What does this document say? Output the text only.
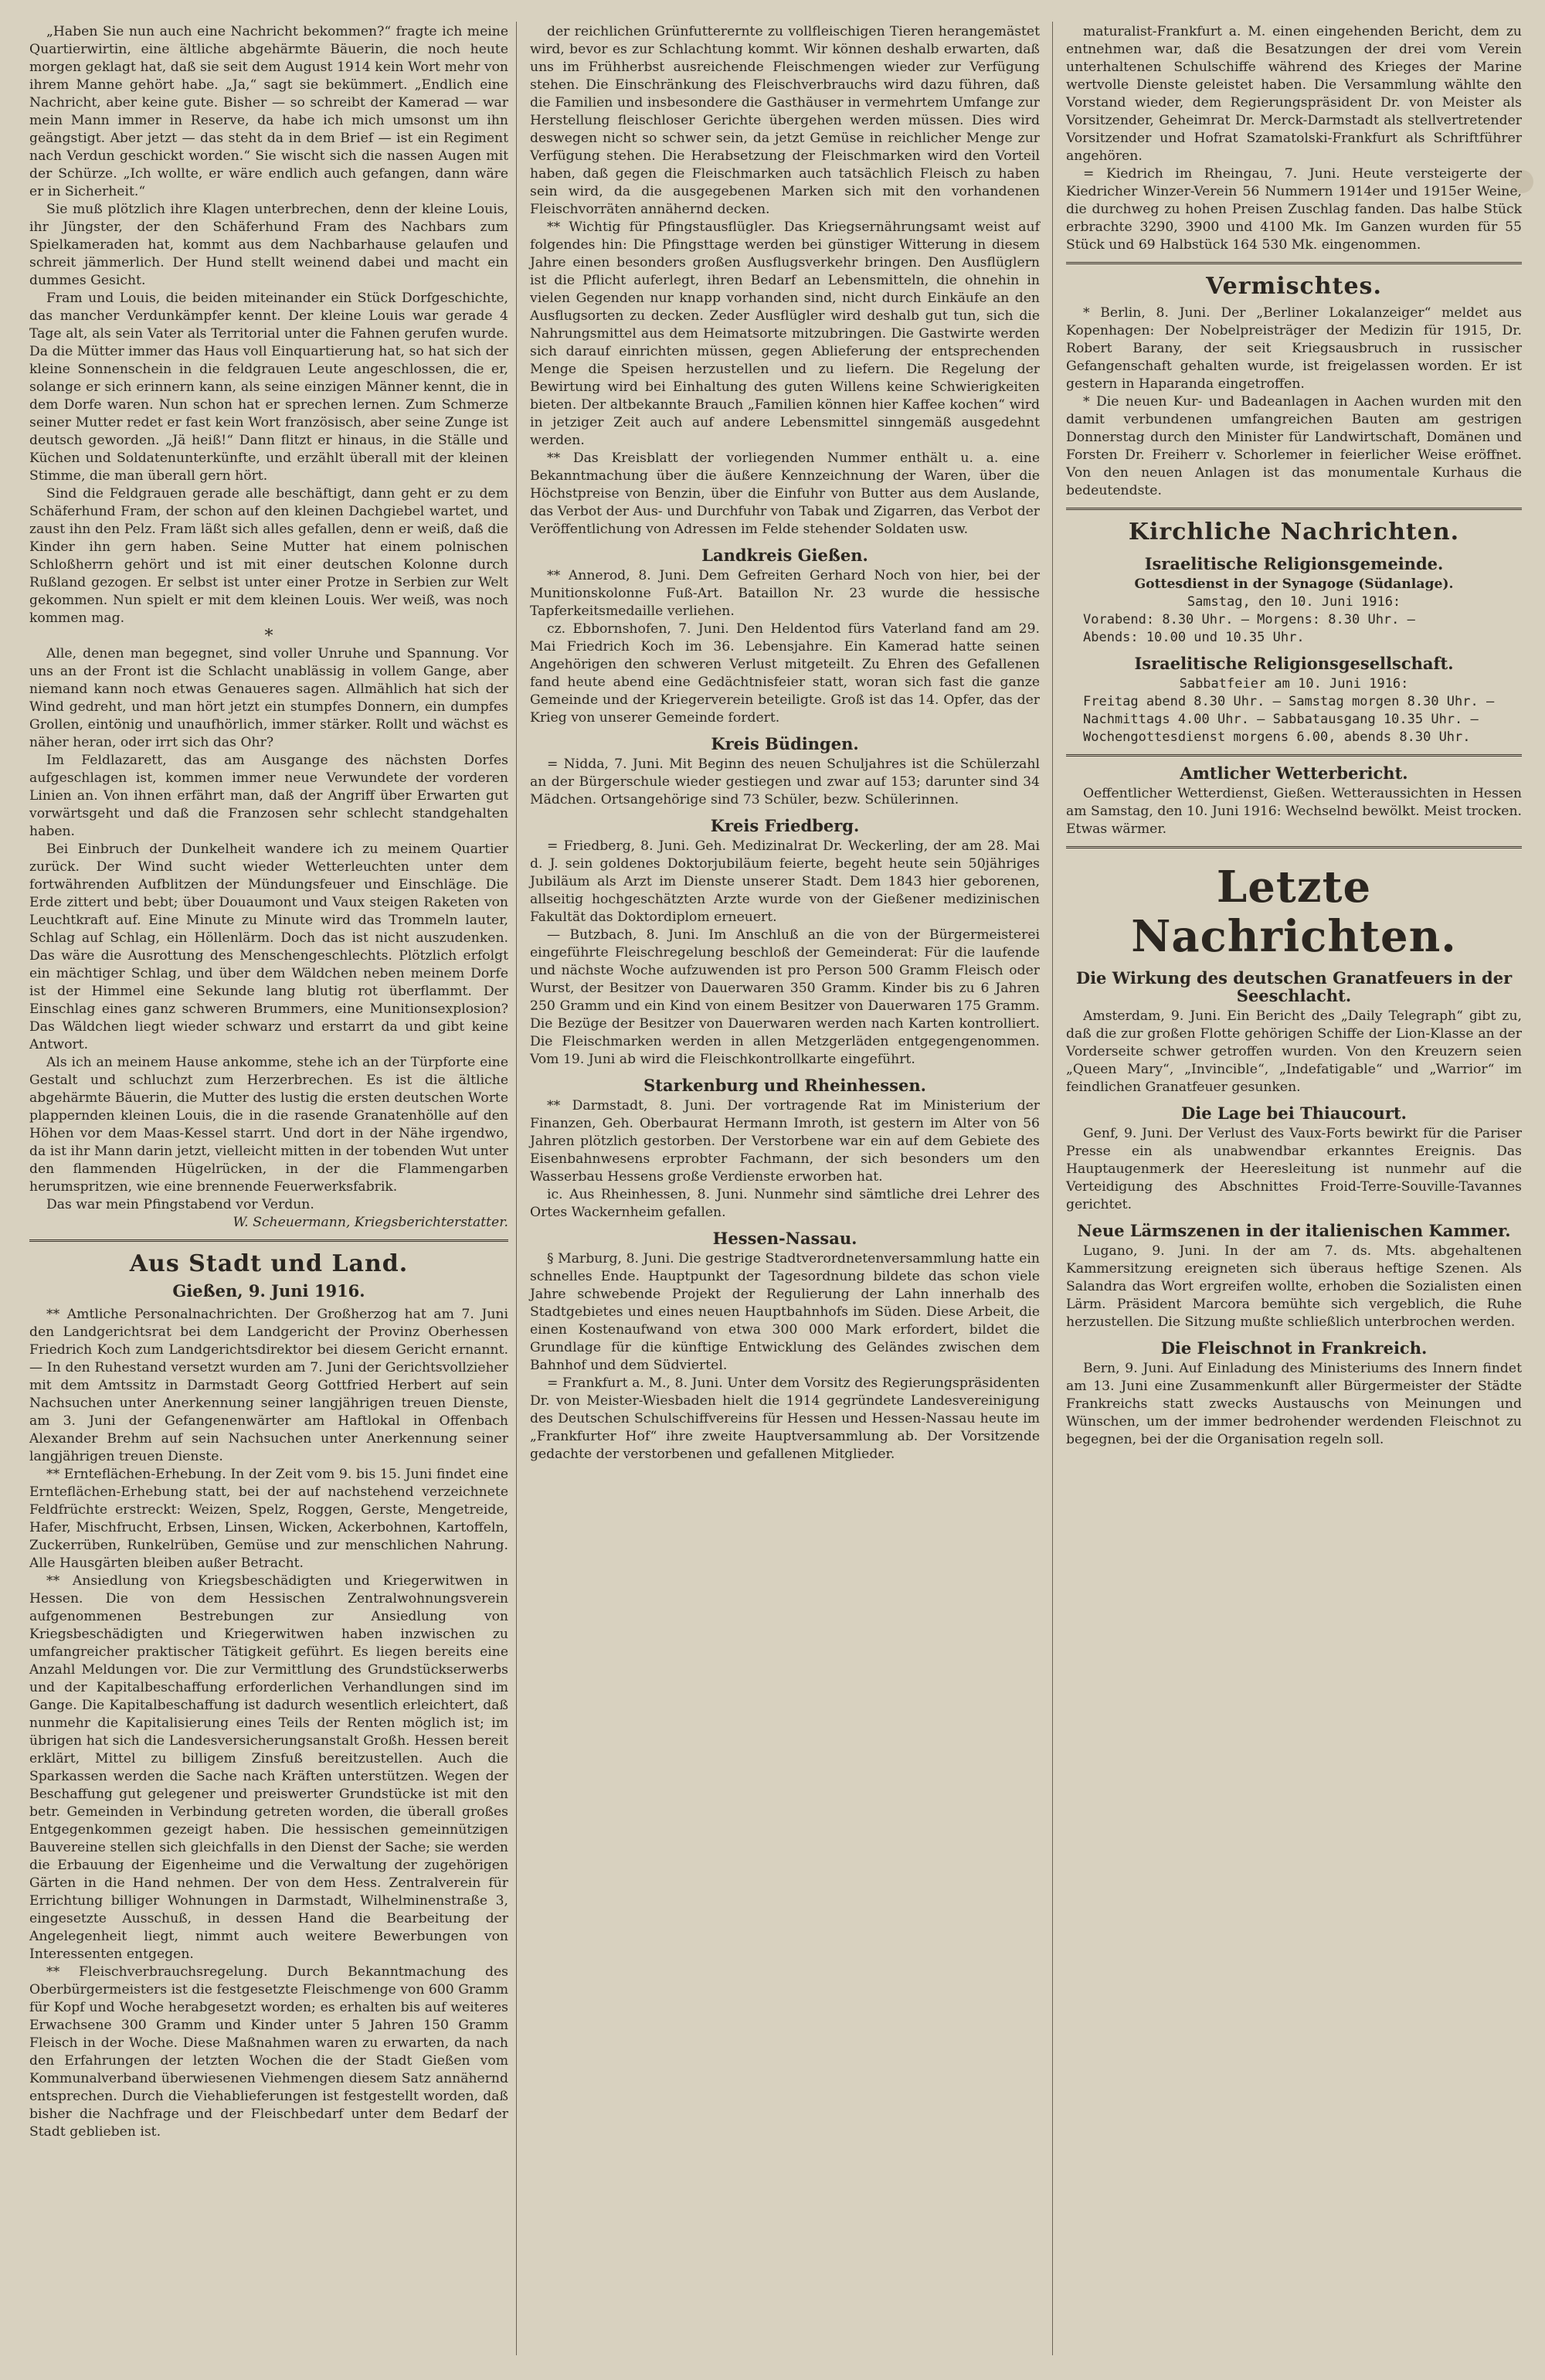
„Haben Sie nun auch eine Nachricht bekommen?“ fragte ich meine Quartierwirtin, eine ältliche abgehärmte Bäuerin, die noch heute morgen geklagt hat, daß sie seit dem August 1914 kein Wort mehr von ihrem Manne gehört habe. „Ja,“ sagt sie bekümmert. „Endlich eine Nachricht, aber keine gute. Bisher — so schreibt der Kamerad — war mein Mann immer in Reserve, da habe ich mich umsonst um ihn geängstigt. Aber jetzt — das steht da in dem Brief — ist ein Regiment nach Verdun geschickt worden.“ Sie wischt sich die nassen Augen mit der Schürze. „Ich wollte, er wäre endlich auch gefangen, dann wäre er in Sicherheit.“

Sie muß plötzlich ihre Klagen unterbrechen, denn der kleine Louis, ihr Jüngster, der den Schäferhund Fram des Nachbars zum Spielkameraden hat, kommt aus dem Nachbarhause gelaufen und schreit jämmerlich. Der Hund stellt weinend dabei und macht ein dummes Gesicht.

Fram und Louis, die beiden miteinander ein Stück Dorfgeschichte, das mancher Verdunkämpfer kennt. Der kleine Louis war gerade 4 Tage alt, als sein Vater als Territorial unter die Fahnen gerufen wurde. Da die Mütter immer das Haus voll Einquartierung hat, so hat sich der kleine Sonnenschein in die feldgrauen Leute angeschlossen, die er, solange er sich erinnern kann, als seine einzigen Männer kennt, die in dem Dorfe waren. Nun schon hat er sprechen lernen. Zum Schmerze seiner Mutter redet er fast kein Wort französisch, aber seine Zunge ist deutsch geworden. „Jä heiß!“ Dann flitzt er hinaus, in die Ställe und Küchen und Soldatenunterkünfte, und erzählt überall mit der kleinen Stimme, die man überall gern hört.

Sind die Feldgrauen gerade alle beschäftigt, dann geht er zu dem Schäferhund Fram, der schon auf den kleinen Dachgiebel wartet, und zaust ihn den Pelz. Fram läßt sich alles gefallen, denn er weiß, daß die Kinder ihn gern haben. Seine Mutter hat einem polnischen Schloßherrn gehört und ist mit einer deutschen Kolonne durch Rußland gezogen. Er selbst ist unter einer Protze in Serbien zur Welt gekommen. Nun spielt er mit dem kleinen Louis. Wer weiß, was noch kommen mag.

*

Alle, denen man begegnet, sind voller Unruhe und Spannung. Vor uns an der Front ist die Schlacht unablässig in vollem Gange, aber niemand kann noch etwas Genaueres sagen. Allmählich hat sich der Wind gedreht, und man hört jetzt ein stumpfes Donnern, ein dumpfes Grollen, eintönig und unaufhörlich, immer stärker. Rollt und wächst es näher heran, oder irrt sich das Ohr?

Im Feldlazarett, das am Ausgange des nächsten Dorfes aufgeschlagen ist, kommen immer neue Verwundete der vorderen Linien an. Von ihnen erfährt man, daß der Angriff über Erwarten gut vorwärtsgeht und daß die Franzosen sehr schlecht standgehalten haben.

Bei Einbruch der Dunkelheit wandere ich zu meinem Quartier zurück. Der Wind sucht wieder Wetterleuchten unter dem fortwährenden Aufblitzen der Mündungsfeuer und Einschläge. Die Erde zittert und bebt; über Douaumont und Vaux steigen Raketen von Leuchtkraft auf. Eine Minute zu Minute wird das Trommeln lauter, Schlag auf Schlag, ein Höllenlärm. Doch das ist nicht auszudenken. Das wäre die Ausrottung des Menschengeschlechts. Plötzlich erfolgt ein mächtiger Schlag, und über dem Wäldchen neben meinem Dorfe ist der Himmel eine Sekunde lang blutig rot überflammt. Der Einschlag eines ganz schweren Brummers, eine Munitionsexplosion? Das Wäldchen liegt wieder schwarz und erstarrt da und gibt keine Antwort.

Als ich an meinem Hause ankomme, stehe ich an der Türpforte eine Gestalt und schluchzt zum Herzerbrechen. Es ist die ältliche abgehärmte Bäuerin, die Mutter des lustig die ersten deutschen Worte plappernden kleinen Louis, die in die rasende Granatenhölle auf den Höhen vor dem Maas-Kessel starrt. Und dort in der Nähe irgendwo, da ist ihr Mann darin jetzt, vielleicht mitten in der tobenden Wut unter den flammenden Hügelrücken, in der die Flammengarben herumspritzen, wie eine brennende Feuerwerksfabrik.

Das war mein Pfingstabend vor Verdun.

W. Scheuermann, Kriegsberichterstatter.

Aus Stadt und Land.
Gießen, 9. Juni 1916.

** Amtliche Personalnachrichten. Der Großherzog hat am 7. Juni den Landgerichtsrat bei dem Landgericht der Provinz Oberhessen Friedrich Koch zum Landgerichtsdirektor bei diesem Gericht ernannt. — In den Ruhestand versetzt wurden am 7. Juni der Gerichtsvollzieher mit dem Amtssitz in Darmstadt Georg Gottfried Herbert auf sein Nachsuchen unter Anerkennung seiner langjährigen treuen Dienste, am 3. Juni der Gefangenenwärter am Haftlokal in Offenbach Alexander Brehm auf sein Nachsuchen unter Anerkennung seiner langjährigen treuen Dienste.

** Ernteflächen-Erhebung. In der Zeit vom 9. bis 15. Juni findet eine Ernteflächen-Erhebung statt, bei der auf nachstehend verzeichnete Feldfrüchte erstreckt: Weizen, Spelz, Roggen, Gerste, Mengetreide, Hafer, Mischfrucht, Erbsen, Linsen, Wicken, Ackerbohnen, Kartoffeln, Zuckerrüben, Runkelrüben, Gemüse und zur menschlichen Nahrung. Alle Hausgärten bleiben außer Betracht.

** Ansiedlung von Kriegsbeschädigten und Kriegerwitwen in Hessen. Die von dem Hessischen Zentralwohnungsverein aufgenommenen Bestrebungen zur Ansiedlung von Kriegsbeschädigten und Kriegerwitwen haben inzwischen zu umfangreicher praktischer Tätigkeit geführt. Es liegen bereits eine Anzahl Meldungen vor. Die zur Vermittlung des Grundstückserwerbs und der Kapitalbeschaffung erforderlichen Verhandlungen sind im Gange. Die Kapitalbeschaffung ist dadurch wesentlich erleichtert, daß nunmehr die Kapitalisierung eines Teils der Renten möglich ist; im übrigen hat sich die Landesversicherungsanstalt Großh. Hessen bereit erklärt, Mittel zu billigem Zinsfuß bereitzustellen. Auch die Sparkassen werden die Sache nach Kräften unterstützen. Wegen der Beschaffung gut gelegener und preiswerter Grundstücke ist mit den betr. Gemeinden in Verbindung getreten worden, die überall großes Entgegenkommen gezeigt haben. Die hessischen gemeinnützigen Bauvereine stellen sich gleichfalls in den Dienst der Sache; sie werden die Erbauung der Eigenheime und die Verwaltung der zugehörigen Gärten in die Hand nehmen. Der von dem Hess. Zentralverein für Errichtung billiger Wohnungen in Darmstadt, Wilhelminenstraße 3, eingesetzte Ausschuß, in dessen Hand die Bearbeitung der Angelegenheit liegt, nimmt auch weitere Bewerbungen von Interessenten entgegen.

** Fleischverbrauchsregelung. Durch Bekanntmachung des Oberbürgermeisters ist die festgesetzte Fleischmenge von 600 Gramm für Kopf und Woche herabgesetzt worden; es erhalten bis auf weiteres Erwachsene 300 Gramm und Kinder unter 5 Jahren 150 Gramm Fleisch in der Woche. Diese Maßnahmen waren zu erwarten, da nach den Erfahrungen der letzten Wochen die der Stadt Gießen vom Kommunalverband überwiesenen Viehmengen diesem Satz annähernd entsprechen. Durch die Viehablieferungen ist festgestellt worden, daß bisher die Nachfrage und der Fleischbedarf unter dem Bedarf der Stadt geblieben ist.

der reichlichen Grünfutterernte zu vollfleischigen Tieren herangemästet wird, bevor es zur Schlachtung kommt. Wir können deshalb erwarten, daß uns im Frühherbst ausreichende Fleischmengen wieder zur Verfügung stehen. Die Einschränkung des Fleischverbrauchs wird dazu führen, daß die Familien und insbesondere die Gasthäuser in vermehrtem Umfange zur Herstellung fleischloser Gerichte übergehen werden müssen. Dies wird deswegen nicht so schwer sein, da jetzt Gemüse in reichlicher Menge zur Verfügung stehen. Die Herabsetzung der Fleischmarken wird den Vorteil haben, daß gegen die Fleischmarken auch tatsächlich Fleisch zu haben sein wird, da die ausgegebenen Marken sich mit den vorhandenen Fleischvorräten annähernd decken.

** Wichtig für Pfingstausflügler. Das Kriegsernährungsamt weist auf folgendes hin: Die Pfingsttage werden bei günstiger Witterung in diesem Jahre einen besonders großen Ausflugsverkehr bringen. Den Ausflüglern ist die Pflicht auferlegt, ihren Bedarf an Lebensmitteln, die ohnehin in vielen Gegenden nur knapp vorhanden sind, nicht durch Einkäufe an den Ausflugsorten zu decken. Zeder Ausflügler wird deshalb gut tun, sich die Nahrungsmittel aus dem Heimatsorte mitzubringen. Die Gastwirte werden sich darauf einrichten müssen, gegen Ablieferung der entsprechenden Menge die Speisen herzustellen und zu liefern. Die Regelung der Bewirtung wird bei Einhaltung des guten Willens keine Schwierigkeiten bieten. Der altbekannte Brauch „Familien können hier Kaffee kochen“ wird in jetziger Zeit auch auf andere Lebensmittel sinngemäß ausgedehnt werden.

** Das Kreisblatt der vorliegenden Nummer enthält u. a. eine Bekanntmachung über die äußere Kennzeichnung der Waren, über die Höchstpreise von Benzin, über die Einfuhr von Butter aus dem Auslande, das Verbot der Aus- und Durchfuhr von Tabak und Zigarren, das Verbot der Veröffentlichung von Adressen im Felde stehender Soldaten usw.

Landkreis Gießen.

** Annerod, 8. Juni. Dem Gefreiten Gerhard Noch von hier, bei der Munitionskolonne Fuß-Art. Bataillon Nr. 23 wurde die hessische Tapferkeitsmedaille verliehen.

cz. Ebbornshofen, 7. Juni. Den Heldentod fürs Vaterland fand am 29. Mai Friedrich Koch im 36. Lebensjahre. Ein Kamerad hatte seinen Angehörigen den schweren Verlust mitgeteilt. Zu Ehren des Gefallenen fand heute abend eine Gedächtnisfeier statt, woran sich fast die ganze Gemeinde und der Kriegerverein beteiligte. Groß ist das 14. Opfer, das der Krieg von unserer Gemeinde fordert.

Kreis Büdingen.

= Nidda, 7. Juni. Mit Beginn des neuen Schuljahres ist die Schülerzahl an der Bürgerschule wieder gestiegen und zwar auf 153; darunter sind 34 Mädchen. Ortsangehörige sind 73 Schüler, bezw. Schülerinnen.

Kreis Friedberg.

= Friedberg, 8. Juni. Geh. Medizinalrat Dr. Weckerling, der am 28. Mai d. J. sein goldenes Doktorjubiläum feierte, begeht heute sein 50jähriges Jubiläum als Arzt im Dienste unserer Stadt. Dem 1843 hier geborenen, allseitig hochgeschätzten Arzte wurde von der Gießener medizinischen Fakultät das Doktordiplom erneuert.

— Butzbach, 8. Juni. Im Anschluß an die von der Bürgermeisterei eingeführte Fleischregelung beschloß der Gemeinderat: Für die laufende und nächste Woche aufzuwenden ist pro Person 500 Gramm Fleisch oder Wurst, der Besitzer von Dauerwaren 350 Gramm. Kinder bis zu 6 Jahren 250 Gramm und ein Kind von einem Besitzer von Dauerwaren 175 Gramm. Die Bezüge der Besitzer von Dauerwaren werden nach Karten kontrolliert. Die Fleischmarken werden in allen Metzgerläden entgegengenommen. Vom 19. Juni ab wird die Fleischkontrollkarte eingeführt.

Starkenburg und Rheinhessen.

** Darmstadt, 8. Juni. Der vortragende Rat im Ministerium der Finanzen, Geh. Oberbaurat Hermann Imroth, ist gestern im Alter von 56 Jahren plötzlich gestorben. Der Verstorbene war ein auf dem Gebiete des Eisenbahnwesens erprobter Fachmann, der sich besonders um den Wasserbau Hessens große Verdienste erworben hat.

ic. Aus Rheinhessen, 8. Juni. Nunmehr sind sämtliche drei Lehrer des Ortes Wackernheim gefallen.

Hessen-Nassau.

§ Marburg, 8. Juni. Die gestrige Stadtverordnetenversammlung hatte ein schnelles Ende. Hauptpunkt der Tagesordnung bildete das schon viele Jahre schwebende Projekt der Regulierung der Lahn innerhalb des Stadtgebietes und eines neuen Hauptbahnhofs im Süden. Diese Arbeit, die einen Kostenaufwand von etwa 300 000 Mark erfordert, bildet die Grundlage für die künftige Entwicklung des Geländes zwischen dem Bahnhof und dem Südviertel.

= Frankfurt a. M., 8. Juni. Unter dem Vorsitz des Regierungspräsidenten Dr. von Meister-Wiesbaden hielt die 1914 gegründete Landesvereinigung des Deutschen Schulschiffvereins für Hessen und Hessen-Nassau heute im „Frankfurter Hof“ ihre zweite Hauptversammlung ab. Der Vorsitzende gedachte der verstorbenen und gefallenen Mitglieder.

maturalist-Frankfurt a. M. einen eingehenden Bericht, dem zu entnehmen war, daß die Besatzungen der drei vom Verein unterhaltenen Schulschiffe während des Krieges der Marine wertvolle Dienste geleistet haben. Die Versammlung wählte den Vorstand wieder, dem Regierungspräsident Dr. von Meister als Vorsitzender, Geheimrat Dr. Merck-Darmstadt als stellvertretender Vorsitzender und Hofrat Szamatolski-Frankfurt als Schriftführer angehören.

= Kiedrich im Rheingau, 7. Juni. Heute versteigerte der Kiedricher Winzer-Verein 56 Nummern 1914er und 1915er Weine, die durchweg zu hohen Preisen Zuschlag fanden. Das halbe Stück erbrachte 3290, 3900 und 4100 Mk. Im Ganzen wurden für 55 Stück und 69 Halbstück 164 530 Mk. eingenommen.

Vermischtes.

* Berlin, 8. Juni. Der „Berliner Lokalanzeiger“ meldet aus Kopenhagen: Der Nobelpreisträger der Medizin für 1915, Dr. Robert Barany, der seit Kriegsausbruch in russischer Gefangenschaft gehalten wurde, ist freigelassen worden. Er ist gestern in Haparanda eingetroffen.

* Die neuen Kur- und Badeanlagen in Aachen wurden mit den damit verbundenen umfangreichen Bauten am gestrigen Donnerstag durch den Minister für Landwirtschaft, Domänen und Forsten Dr. Freiherr v. Schorlemer in feierlicher Weise eröffnet. Von den neuen Anlagen ist das monumentale Kurhaus die bedeutendste.

Kirchliche Nachrichten.
Israelitische Religionsgemeinde.

Gottesdienst in der Synagoge (Südanlage).

Samstag, den 10. Juni 1916:

Vorabend: 8.30 Uhr. — Morgens: 8.30 Uhr. —

Abends: 10.00 und 10.35 Uhr.

Israelitische Religionsgesellschaft.

Sabbatfeier am 10. Juni 1916:

Freitag abend 8.30 Uhr. — Samstag morgen 8.30 Uhr. —

Nachmittags 4.00 Uhr. — Sabbatausgang 10.35 Uhr. —

Wochengottesdienst morgens 6.00, abends 8.30 Uhr.

Amtlicher Wetterbericht.

Oeffentlicher Wetterdienst, Gießen. Wetteraussichten in Hessen am Samstag, den 10. Juni 1916: Wechselnd bewölkt. Meist trocken. Etwas wärmer.

Letzte Nachrichten.
Die Wirkung des deutschen Granatfeuers in der Seeschlacht.

Amsterdam, 9. Juni. Ein Bericht des „Daily Telegraph“ gibt zu, daß die zur großen Flotte gehörigen Schiffe der Lion-Klasse an der Vorderseite schwer getroffen wurden. Von den Kreuzern seien „Queen Mary“, „Invincible“, „Indefatigable“ und „Warrior“ im feindlichen Granatfeuer gesunken.

Die Lage bei Thiaucourt.

Genf, 9. Juni. Der Verlust des Vaux-Forts bewirkt für die Pariser Presse ein als unabwendbar erkanntes Ereignis. Das Hauptaugenmerk der Heeresleitung ist nunmehr auf die Verteidigung des Abschnittes Froid-Terre-Souville-Tavannes gerichtet.

Neue Lärmszenen in der italienischen Kammer.

Lugano, 9. Juni. In der am 7. ds. Mts. abgehaltenen Kammersitzung ereigneten sich überaus heftige Szenen. Als Salandra das Wort ergreifen wollte, erhoben die Sozialisten einen Lärm. Präsident Marcora bemühte sich vergeblich, die Ruhe herzustellen. Die Sitzung mußte schließlich unterbrochen werden.

Die Fleischnot in Frankreich.

Bern, 9. Juni. Auf Einladung des Ministeriums des Innern findet am 13. Juni eine Zusammenkunft aller Bürgermeister der Städte Frankreichs statt zwecks Austauschs von Meinungen und Wünschen, um der immer bedrohender werdenden Fleischnot zu begegnen, bei der die Organisation regeln soll.
